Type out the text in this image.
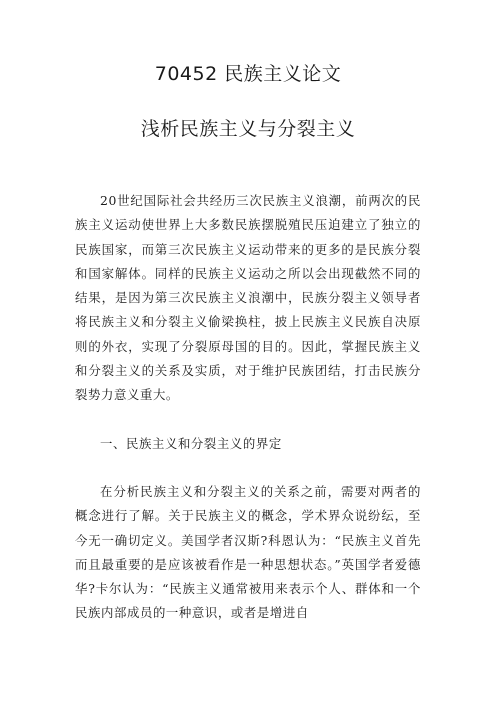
70452 民族主义论文
浅析民族主义与分裂主义
20世纪国际社会共经历三次民族主义浪潮，前两次的民族主义运动使世界上大多数民族摆脱殖民压迫建立了独立的民族国家，而第三次民族主义运动带来的更多的是民族分裂和国家解体。同样的民族主义运动之所以会出现截然不同的结果，是因为第三次民族主义浪潮中，民族分裂主义领导者将民族主义和分裂主义偷梁换柱，披上民族主义民族自决原则的外衣，实现了分裂原母国的目的。因此，掌握民族主义和分裂主义的关系及实质，对于维护民族团结，打击民族分裂势力意义重大。
一、民族主义和分裂主义的界定
在分析民族主义和分裂主义的关系之前，需要对两者的概念进行了解。关于民族主义的概念，学术界众说纷纭，至今无一确切定义。美国学者汉斯?科恩认为：“民族主义首先而且最重要的是应该被看作是一种思想状态。”英国学者爱德华?卡尔认为：“民族主义通常被用来表示个人、群体和一个民族内部成员的一种意识，或者是增进自
